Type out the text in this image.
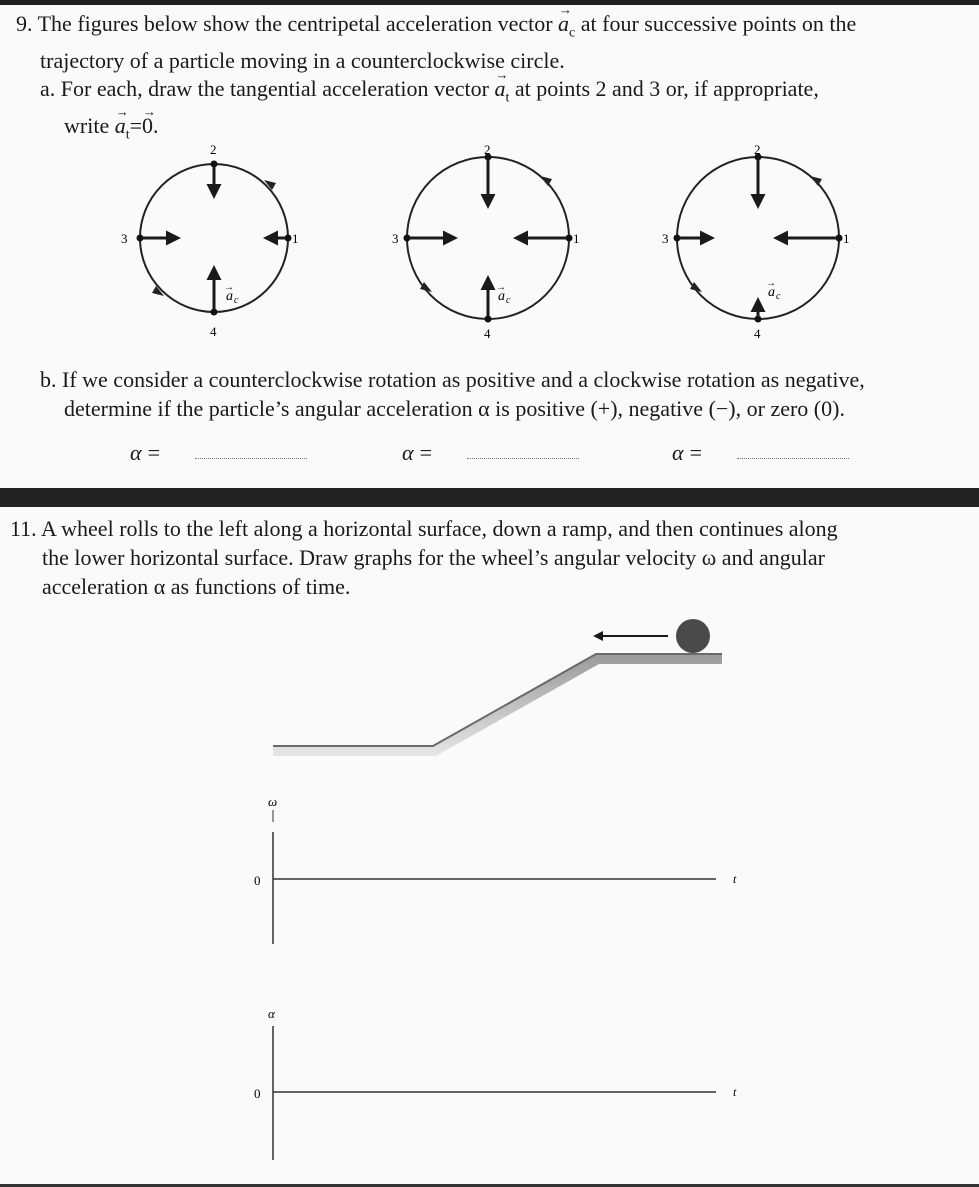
9. The figures below show the centripetal acceleration vector → $a_c$ at four successive points on the
trajectory of a particle moving in a counterclockwise circle.
a. For each, draw the tangential acceleration vector → $a_t$ at points 2 and 3 or, if appropriate,
write → $a_t=\to 0$.
2
1
3
4
a c
→
2
1
3
4
a c
→
2
1
3
4
a c
→
ω
0	t
α
0	t
b. If we consider a counterclockwise rotation as positive and a clockwise rotation as negative,
determine if the particle’s angular acceleration α is positive (+), negative (−), or zero (0).
α =	α =	α =
11. A wheel rolls to the left along a horizontal surface, down a ramp, and then continues along
the lower horizontal surface. Draw graphs for the wheel’s angular velocity ω and angular
acceleration α as functions of time.
